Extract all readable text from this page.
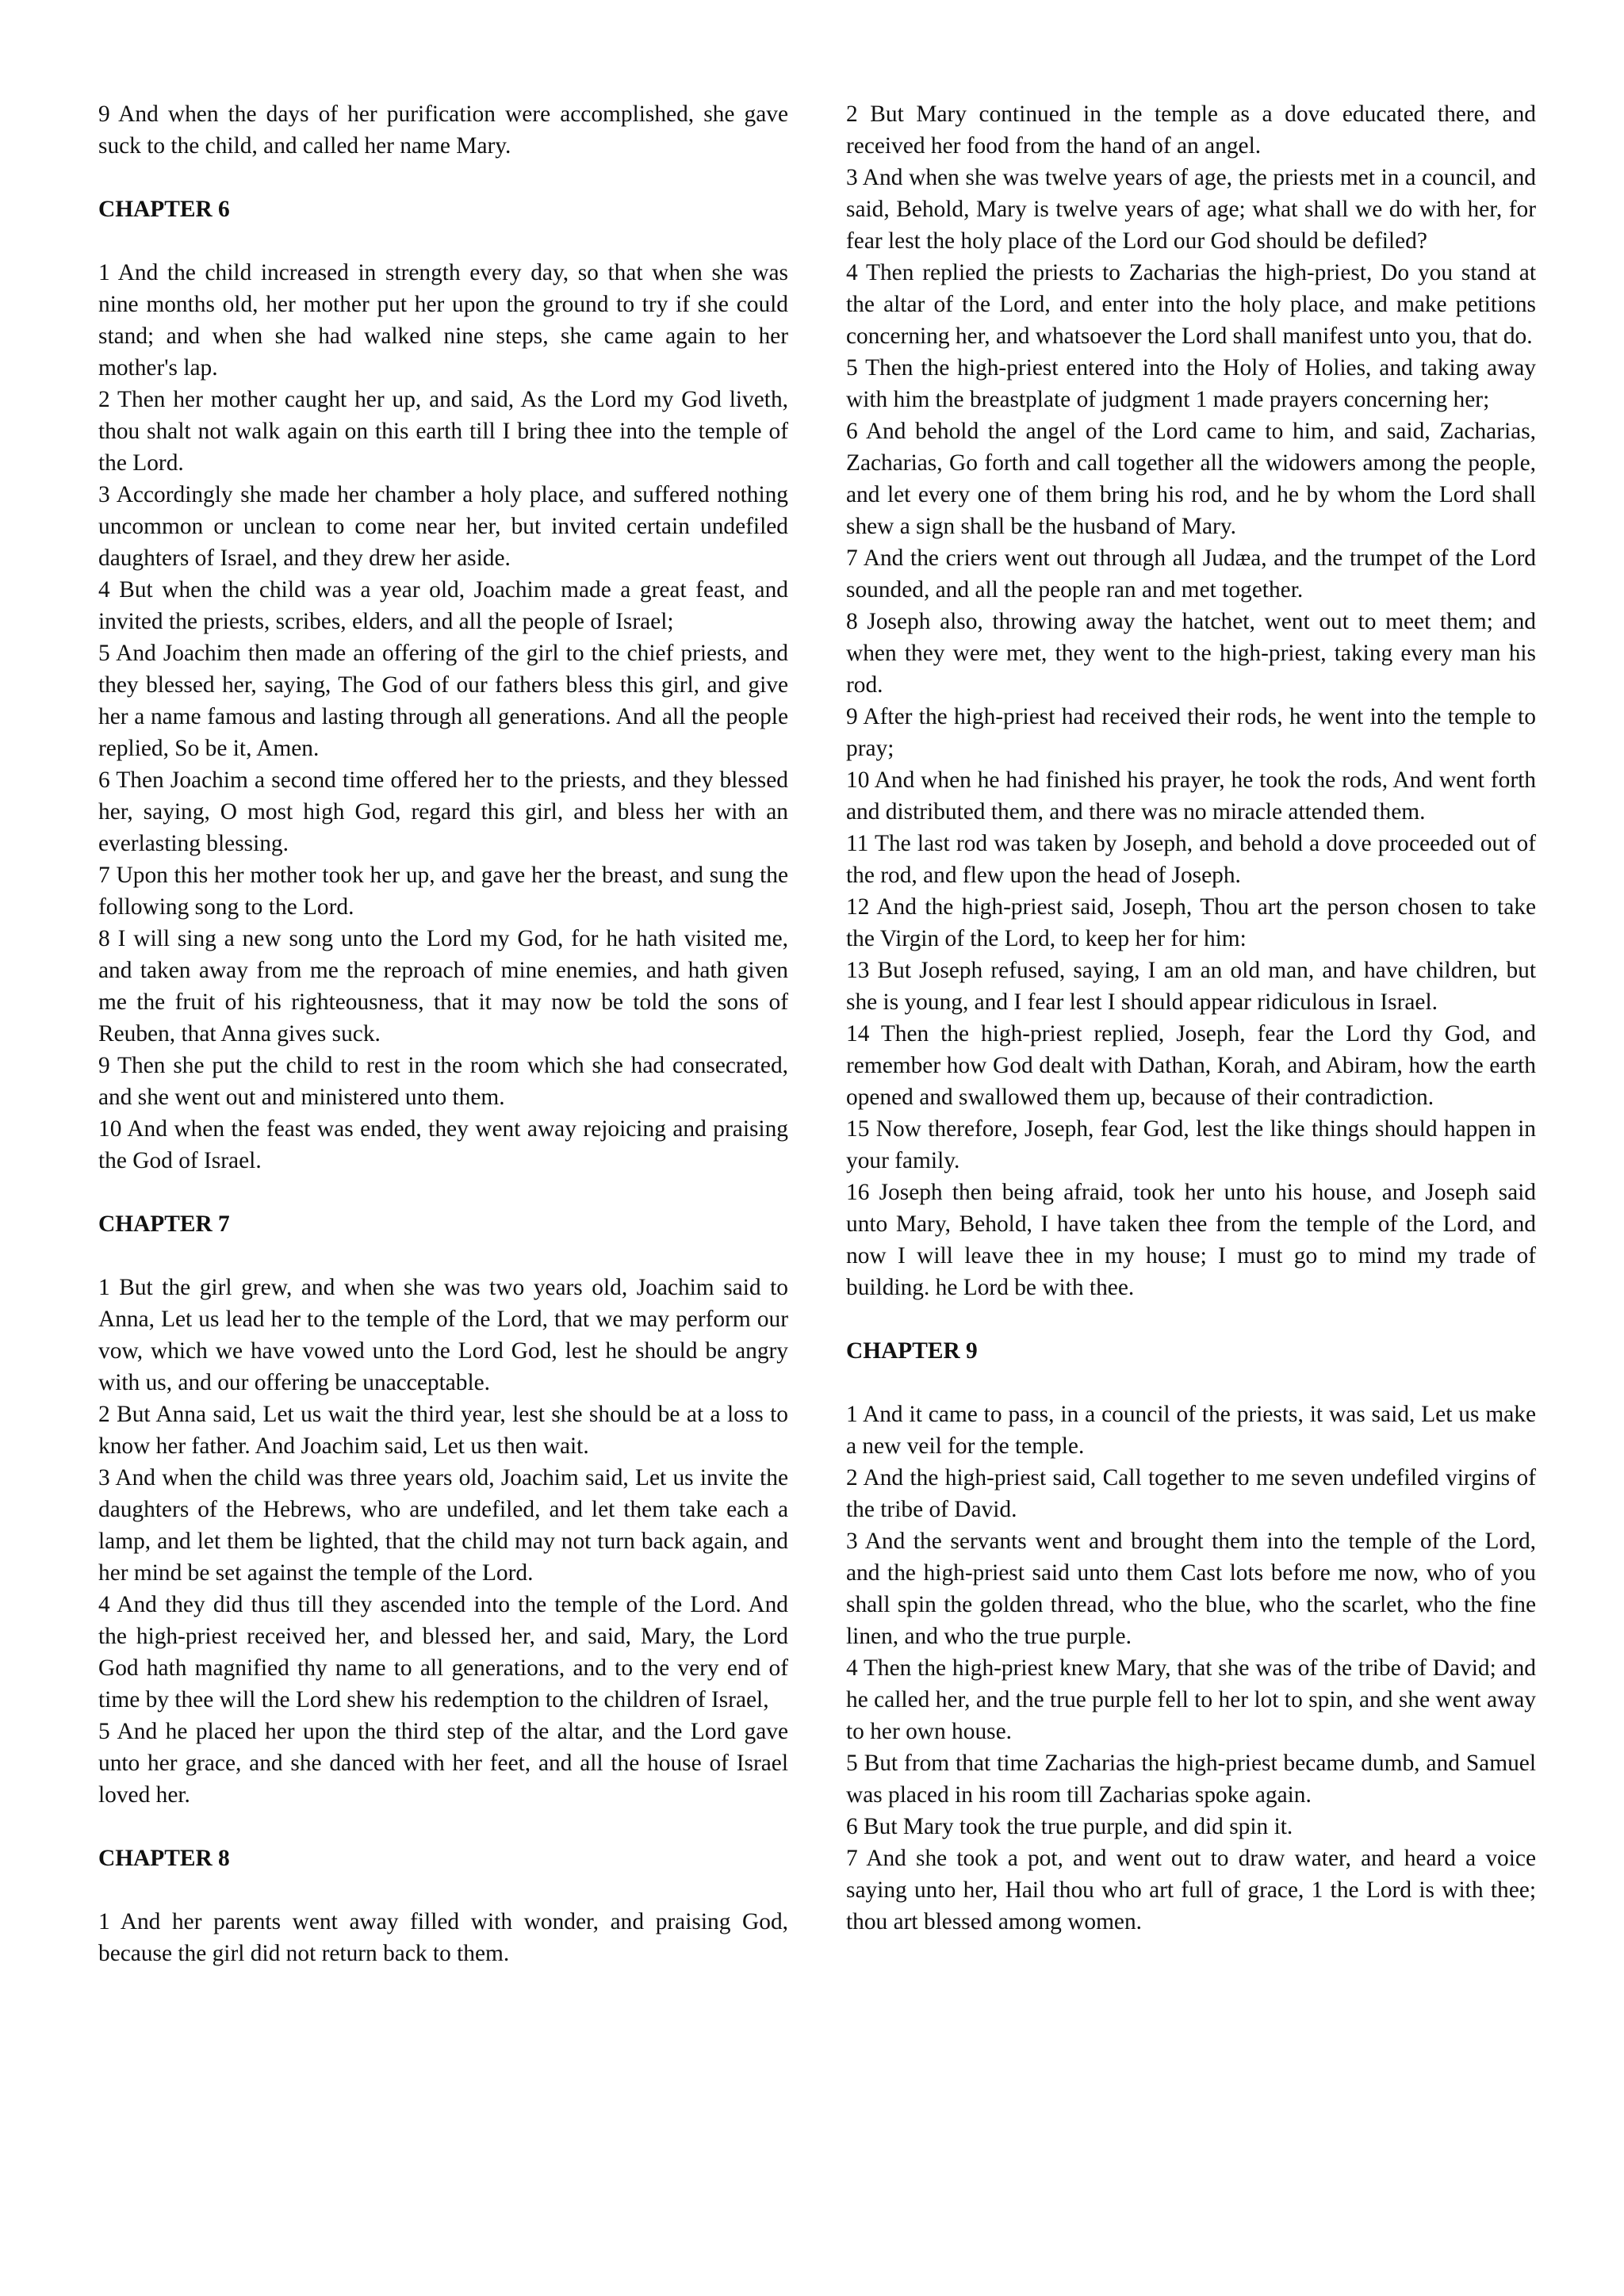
9 And when the days of her purification were accomplished, she gave suck to the child, and called her name Mary.

CHAPTER 6

1 And the child increased in strength every day, so that when she was nine months old, her mother put her upon the ground to try if she could stand; and when she had walked nine steps, she came again to her mother's lap.

2 Then her mother caught her up, and said, As the Lord my God liveth, thou shalt not walk again on this earth till I bring thee into the temple of the Lord.

3 Accordingly she made her chamber a holy place, and suffered nothing uncommon or unclean to come near her, but invited certain undefiled daughters of Israel, and they drew her aside.

4 But when the child was a year old, Joachim made a great feast, and invited the priests, scribes, elders, and all the people of Israel;

5 And Joachim then made an offering of the girl to the chief priests, and they blessed her, saying, The God of our fathers bless this girl, and give her a name famous and lasting through all generations. And all the people replied, So be it, Amen.

6 Then Joachim a second time offered her to the priests, and they blessed her, saying, O most high God, regard this girl, and bless her with an everlasting blessing.

7 Upon this her mother took her up, and gave her the breast, and sung the following song to the Lord.

8 I will sing a new song unto the Lord my God, for he hath visited me, and taken away from me the reproach of mine enemies, and hath given me the fruit of his righteousness, that it may now be told the sons of Reuben, that Anna gives suck.

9 Then she put the child to rest in the room which she had consecrated, and she went out and ministered unto them.

10 And when the feast was ended, they went away rejoicing and praising the God of Israel.

CHAPTER 7

1 But the girl grew, and when she was two years old, Joachim said to Anna, Let us lead her to the temple of the Lord, that we may perform our vow, which we have vowed unto the Lord God, lest he should be angry with us, and our offering be unacceptable.

2 But Anna said, Let us wait the third year, lest she should be at a loss to know her father. And Joachim said, Let us then wait.

3 And when the child was three years old, Joachim said, Let us invite the daughters of the Hebrews, who are undefiled, and let them take each a lamp, and let them be lighted, that the child may not turn back again, and her mind be set against the temple of the Lord.

4 And they did thus till they ascended into the temple of the Lord. And the high-priest received her, and blessed her, and said, Mary, the Lord God hath magnified thy name to all generations, and to the very end of time by thee will the Lord shew his redemption to the children of Israel,

5 And he placed her upon the third step of the altar, and the Lord gave unto her grace, and she danced with her feet, and all the house of Israel loved her.

CHAPTER 8

1 And her parents went away filled with wonder, and praising God, because the girl did not return back to them.

2 But Mary continued in the temple as a dove educated there, and received her food from the hand of an angel.

3 And when she was twelve years of age, the priests met in a council, and said, Behold, Mary is twelve years of age; what shall we do with her, for fear lest the holy place of the Lord our God should be defiled?

4 Then replied the priests to Zacharias the high-priest, Do you stand at the altar of the Lord, and enter into the holy place, and make petitions concerning her, and whatsoever the Lord shall manifest unto you, that do.

5 Then the high-priest entered into the Holy of Holies, and taking away with him the breastplate of judgment 1 made prayers concerning her;

6 And behold the angel of the Lord came to him, and said, Zacharias, Zacharias, Go forth and call together all the widowers among the people, and let every one of them bring his rod, and he by whom the Lord shall shew a sign shall be the husband of Mary.

7 And the criers went out through all Judæa, and the trumpet of the Lord sounded, and all the people ran and met together.

8 Joseph also, throwing away the hatchet, went out to meet them; and when they were met, they went to the high-priest, taking every man his rod.

9 After the high-priest had received their rods, he went into the temple to pray;

10 And when he had finished his prayer, he took the rods, And went forth and distributed them, and there was no miracle attended them.

11 The last rod was taken by Joseph, and behold a dove proceeded out of the rod, and flew upon the head of Joseph.

12 And the high-priest said, Joseph, Thou art the person chosen to take the Virgin of the Lord, to keep her for him:

13 But Joseph refused, saying, I am an old man, and have children, but she is young, and I fear lest I should appear ridiculous in Israel.

14 Then the high-priest replied, Joseph, fear the Lord thy God, and remember how God dealt with Dathan, Korah, and Abiram, how the earth opened and swallowed them up, because of their contradiction.

15 Now therefore, Joseph, fear God, lest the like things should happen in your family.

16 Joseph then being afraid, took her unto his house, and Joseph said unto Mary, Behold, I have taken thee from the temple of the Lord, and now I will leave thee in my house; I must go to mind my trade of building. he Lord be with thee.

CHAPTER 9

1 And it came to pass, in a council of the priests, it was said, Let us make a new veil for the temple.

2 And the high-priest said, Call together to me seven undefiled virgins of the tribe of David.

3 And the servants went and brought them into the temple of the Lord, and the high-priest said unto them Cast lots before me now, who of you shall spin the golden thread, who the blue, who the scarlet, who the fine linen, and who the true purple.

4 Then the high-priest knew Mary, that she was of the tribe of David; and he called her, and the true purple fell to her lot to spin, and she went away to her own house.

5 But from that time Zacharias the high-priest became dumb, and Samuel was placed in his room till Zacharias spoke again.

6 But Mary took the true purple, and did spin it.

7 And she took a pot, and went out to draw water, and heard a voice saying unto her, Hail thou who art full of grace, 1 the Lord is with thee; thou art blessed among women.
